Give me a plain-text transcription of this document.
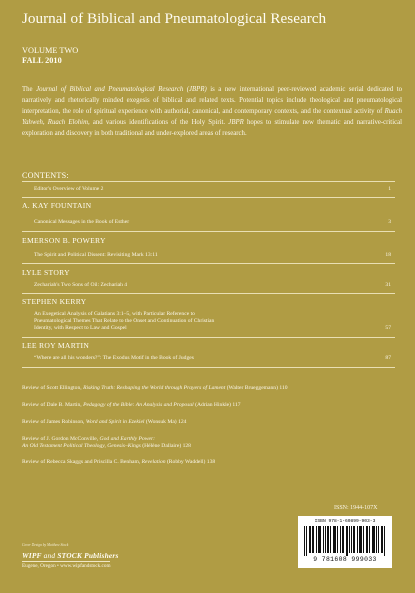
Journal of Biblical and Pneumatological Research
VOLUME TWO
FALL 2010
The Journal of Biblical and Pneumatological Research (JBPR) is a new international peer-reviewed academic serial dedicated to narratively and rhetorically minded exegesis of biblical and related texts. Potential topics include theological and pneumatological interpretation, the role of spiritual experience with authorial, canonical, and contemporary contexts, and the contextual activity of Ruach Yahweh, Ruach Elohim, and various identifications of the Holy Spirit. JBPR hopes to stimulate new thematic and narrative-critical exploration and discovery in both traditional and under-explored areas of research.
CONTENTS:
Editor's Overview of Volume 2	1
A. KAY FOUNTAIN
Canonical Messages in the Book of Esther	3
EMERSON B. POWERY
The Spirit and Political Dissent: Revisiting Mark 13:11	18
LYLE STORY
Zechariah's Two Sons of Oil: Zechariah 4	31
STEPHEN KERRY
An Exegetical Analysis of Galatians 3:1–5, with Particular Reference to
Pneumatological Themes That Relate to the Onset and Continuation of Christian
Identity, with Respect to Law and Gospel	57
LEE ROY MARTIN
“Where are all his wonders?”: The Exodus Motif in the Book of Judges	87
Review of Scott Ellington, Risking Truth: Reshaping the World through Prayers of Lament (Walter Brueggemann) 110
Review of Dale B. Martin, Pedagogy of the Bible: An Analysis and Proposal (Adrian Hinkle) 117
Review of James Robinson, Word and Spirit in Ezekiel (Wonsuk Ma) 124
Review of J. Gordon McConville, God and Earthly Power:
An Old Testament Political Theology, Genesis–Kings (Hélène Dallaire) 128
Review of Rebecca Skaggs and Priscilla C. Benham, Revelation (Robby Waddell) 138
ISSN: 1944-107X
ISBN 978-1-60899-903-3
9 781608 999033
Cover Design by Matthew Stock
WIPF and STOCK Publishers
Eugene, Oregon • www.wipfandstock.com
